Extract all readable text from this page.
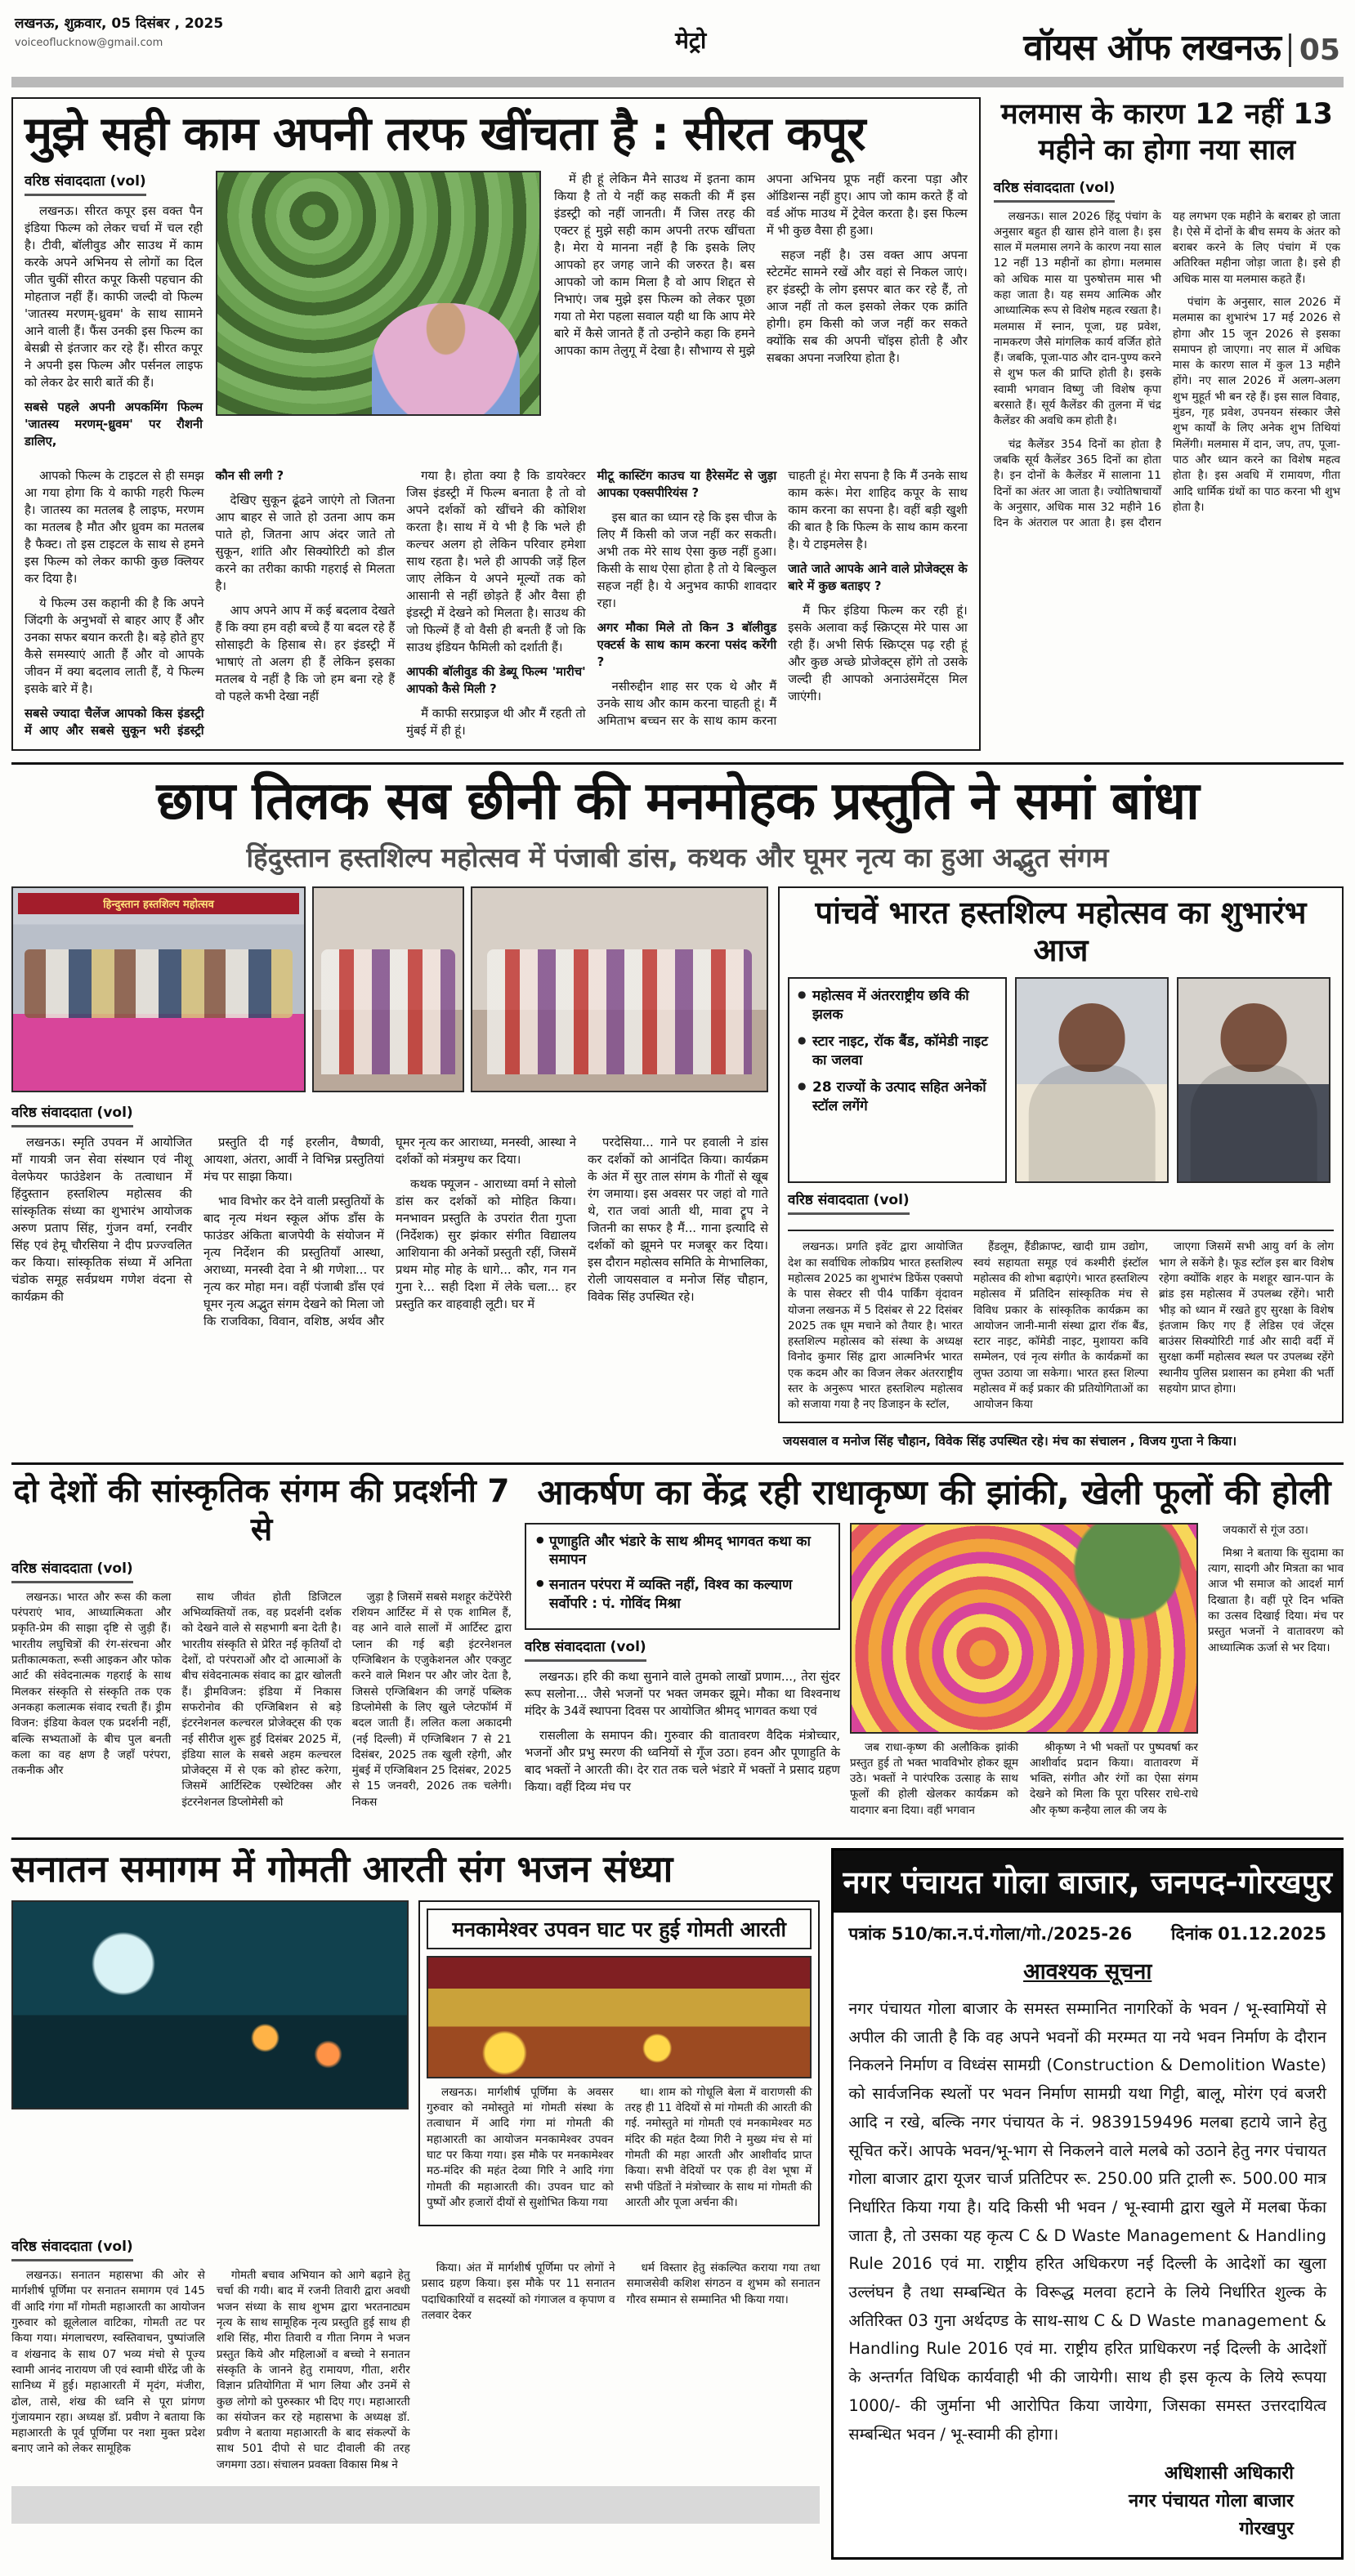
लखनऊ, शुक्रवार, 05 दिसंबर , 2025
voiceoflucknow@gmail.com	मेट्रो	वॉयस ऑफ लखनऊ 05
मुझे सही काम अपनी तरफ खींचता है : सीरत कपूर
वरिष्ठ संवाददाता (vol)

लखनऊ। सीरत कपूर इस वक्त पैन इंडिया फिल्म को लेकर चर्चा में चल रही है। टीवी, बॉलीवुड और साउथ में काम करके अपने अभिनय से लोगों का दिल जीत चुकीं सीरत कपूर किसी पहचान की मोहताज नहीं हैं। काफी जल्दी वो फिल्म 'जातस्य मरणम्-ध्रुवम' के साथ साामने आने वाली हैं। फैंस उनकी इस फिल्म का बेसब्री से इंतजार कर रहे हैं। सीरत कपूर ने अपनी इस फिल्म और पर्सनल लाइफ को लेकर ढेर सारी बातें की हैं।

सबसे पहले अपनी अपकमिंग फिल्म 'जातस्य मरणम्-ध्रुवम' पर रौशनी डालिए,

में ही हूं लेकिन मैने साउथ में इतना काम किया है तो ये नहीं कह सकती की मैं इस इंडस्ट्री को नहीं जानती। मैं जिस तरह की एक्टर हूं मुझे सही काम अपनी तरफ खींचता है। मेरा ये मानना नहीं है कि इसके लिए आपको हर जगह जाने की जरुरत है। बस आपको जो काम मिला है वो आप शिद्दत से निभाएं। जब मुझे इस फिल्म को लेकर पूछा गया तो मेरा पहला सवाल यही था कि आप मेरे बारे में कैसे जानते हैं तो उन्होने कहा कि हमने आपका काम तेलुगू में देखा है। सौभाग्य से मुझे अपना अभिनय प्रूफ नहीं करना पड़ा और ऑडिशन्स नहीं हुए। आप जो काम करते हैं वो वर्ड ऑफ माउथ में ट्रेवेल करता है। इस फिल्म में भी कुछ वैसा ही हुआ।

सहज नहीं है। उस वक्त आप अपना स्टेटमेंट सामने रखें और वहां से निकल जाएं। हर इंडस्ट्री के लोग इसपर बात कर रहे हैं, तो आज नहीं तो कल इसको लेकर एक क्रांति होगी। हम किसी को जज नहीं कर सकते क्योंकि सब की अपनी चॉइस होती है और सबका अपना नजरिया होता है।

आपको फिल्म के टाइटल से ही समझ आ गया होगा कि ये काफी गहरी फिल्म है। जातस्य का मतलब है लाइफ, मरणम का मतलब है मौत और ध्रुवम का मतलब है फैक्ट। तो इस टाइटल के साथ से हमने इस फिल्म को लेकर काफी कुछ क्लियर कर दिया है।

ये फिल्म उस कहानी की है कि अपने जिंदगी के अनुभवों से बाहर आए हैं और उनका सफर बयान करती है। बड़े होते हुए कैसे समस्याएं आती हैं और वो आपके जीवन में क्या बदलाव लाती हैं, ये फिल्म इसके बारे में है।

सबसे ज्यादा चैलेंज आपको किस इंडस्ट्री में आए और सबसे सुकून भरी इंडस्ट्री कौन सी लगी ?

देखिए सुकून ढूंढने जाएंगे तो जितना आप बाहर से जाते हो उतना आप कम पाते हो, जितना आप अंदर जाते तो सुकून, शांति और सिक्योरिटी को डील करने का तरीका काफी गहराई से मिलता है।

आप अपने आप में कई बदलाव देखते हैं कि क्या हम वही बच्चे हैं या बदल रहे हैं सोसाइटी के हिसाब से। हर इंडस्ट्री में भाषाएं तो अलग ही हैं लेकिन इसका मतलब ये नहीं है कि जो हम बना रहे हैं वो पहले कभी देखा नहीं

गया है। होता क्या है कि डायरेक्टर जिस इंडस्ट्री में फिल्म बनाता है तो वो अपने दर्शकों को खींचने की कोशिश करता है। साथ में ये भी है कि भले ही कल्चर अलग हो लेकिन परिवार हमेशा साथ रहता है। भले ही आपकी जड़ें हिल जाए लेकिन ये अपने मूल्यों तक को आसानी से नहीं छोड़ते हैं और वैसा ही इंडस्ट्री में देखने को मिलता है। साउथ की जो फिल्में हैं वो वैसी ही बनती हैं जो कि साउथ इंडियन फैमिली को दर्शाती हैं।

आपकी बॉलीवुड की डेब्यू फिल्म 'मारीच' आपको कैसे मिली ?

मैं काफी सरप्राइज थी और मैं रहती तो मुंबई में ही हूं।

मीटू कास्टिंग काउच या हैरेसमेंट से जुड़ा आपका एक्सपीरियंस ?

इस बात का ध्यान रहे कि इस चीज के लिए मैं किसी को जज नहीं कर सकती। अभी तक मेरे साथ ऐसा कुछ नहीं हुआ। किसी के साथ ऐसा होता है तो ये बिल्कुल सहज नहीं है। ये अनुभव काफी शावदार रहा।

अगर मौका मिले तो किन 3 बॉलीवुड एक्टर्स के साथ काम करना पसंद करेंगी ?

नसीरुद्दीन शाह सर एक थे और मैं उनके साथ और काम करना चाहती हूं। मैं अमिताभ बच्चन सर के साथ काम करना चाहती हूं। मेरा सपना है कि मैं उनके साथ काम करूं। मेरा शाहिद कपूर के साथ काम करना का सपना है। वहीं बड़ी खुशी की बात है कि फिल्म के साथ काम करना है। ये टाइमलेस है।

जाते जाते आपके आने वाले प्रोजेक्ट्स के बारे में कुछ बताइए ?

मैं फिर इंडिया फिल्म कर रही हूं। इसके अलावा कई स्क्रिप्ट्स मेरे पास आ रही हैं। अभी सिर्फ स्क्रिप्ट्स पढ़ रही हूं और कुछ अच्छे प्रोजेक्ट्स होंगे तो उसके जल्दी ही आपको अनाउंसमेंट्स मिल जाएंगी।

मलमास के कारण 12 नहीं 13 महीने का होगा नया साल
वरिष्ठ संवाददाता (vol)

लखनऊ। साल 2026 हिंदू पंचांग के अनुसार बहुत ही खास होने वाला है। इस साल में मलमास लगने के कारण नया साल 12 नहीं 13 महीनों का होगा। मलमास को अधिक मास या पुरुषोत्तम मास भी कहा जाता है। यह समय आत्मिक और आध्यात्मिक रूप से विशेष महत्व रखता है। मलमास में स्नान, पूजा, ग्रह प्रवेश, नामकरण जैसे मांगलिक कार्य वर्जित होते हैं। जबकि, पूजा-पाठ और दान-पुण्य करने से शुभ फल की प्राप्ति होती है। इसके स्वामी भगवान विष्णु जी विशेष कृपा बरसाते हैं। सूर्य कैलेंडर की तुलना में चंद्र कैलेंडर की अवधि कम होती है।

चंद्र कैलेंडर 354 दिनों का होता है जबकि सूर्य कैलेंडर 365 दिनों का होता है। इन दोनों के कैलेंडर में सालाना 11 दिनों का अंतर आ जाता है। ज्योतिषाचार्यों के अनुसार, अधिक मास 32 महीने 16 दिन के अंतराल पर आता है। इस दौरान यह लगभग एक महीने के बराबर हो जाता है। ऐसे में दोनों के बीच समय के अंतर को बराबर करने के लिए पंचांग में एक अतिरिक्त महीना जोड़ा जाता है। इसे ही अधिक मास या मलमास कहते हैं।

पंचांग के अनुसार, साल 2026 में मलमास का शुभारंभ 17 मई 2026 से होगा और 15 जून 2026 से इसका समापन हो जाएगा। नए साल में अधिक मास के कारण साल में कुल 13 महीने होंगे। नए साल 2026 में अलग-अलग शुभ मुहूर्त भी बन रहे हैं। इस साल विवाह, मुंडन, गृह प्रवेश, उपनयन संस्कार जैसे शुभ कार्यों के लिए अनेक शुभ तिथियां मिलेंगी। मलमास में दान, जप, तप, पूजा-पाठ और ध्यान करने का विशेष महत्व होता है। इस अवधि में रामायण, गीता आदि धार्मिक ग्रंथों का पाठ करना भी शुभ होता है।

छाप तिलक सब छीनी की मनमोहक प्रस्तुति ने समां बांधा
हिंदुस्तान हस्तशिल्प महोत्सव में पंजाबी डांस, कथक और घूमर नृत्य का हुआ अद्भुत संगम
हिन्दुस्तान हस्तशिल्प महोत्सव
वरिष्ठ संवाददाता (vol)

लखनऊ। स्मृति उपवन में आयोजित माँ गायत्री जन सेवा संस्थान एवं नीशू वेलफेयर फाउंडेशन के तत्वाधान में हिंदुस्तान हस्तशिल्प महोत्सव की सांस्कृतिक संध्या का शुभारंभ आयोजक अरुण प्रताप सिंह, गुंजन वर्मा, रनवीर सिंह एवं हेमू चौरसिया ने दीप प्रज्ज्वलित कर किया। सांस्कृतिक संध्या में अनिता चंडोक समूह सर्वप्रथम गणेश वंदना से कार्यक्रम की

प्रस्तुति दी गई हरलीन, वैष्णवी, आयशा, अंतरा, आर्वी ने विभिन्न प्रस्तुतियां मंच पर साझा किया।

भाव विभोर कर देने वाली प्रस्तुतियों के बाद नृत्य मंथन स्कूल ऑफ डाँस के फाउंडर अंकिता बाजपेयी के संयोजन में नृत्य निर्देशन की प्रस्तुतियाँ आस्था, अराध्या, मनस्वी देवा ने श्री गणेशा... पर नृत्य कर मोहा मन। वहीं पंजाबी डाँस एवं घूमर नृत्य अद्भुत संगम देखने को मिला जो कि राजविका, विवान, वशिष्ठ, अर्थव और घूमर नृत्य कर आराध्या, मनस्वी, आस्था ने दर्शकों को मंत्रमुग्ध कर दिया।

कथक फ्यूजन - आराध्या वर्मा ने सोलो डांस कर दर्शकों को मोहित किया। मनभावन प्रस्तुति के उपरांत रीता गुप्ता (निर्देशक) सुर झंकार संगीत विद्यालय आशियाना की अनेकों प्रस्तुती रहीं, जिसमें प्रथम मोह मोह के धागे... कौर, गन गन गुना रे... सही दिशा में लेके चला... हर प्रस्तुति कर वाहवाही लूटी। घर में

परदेसिया... गाने पर हवाली ने डांस कर दर्शकों को आनंदित किया। कार्यक्रम के अंत में सुर ताल संगम के गीतों से खूब रंग जमाया। इस अवसर पर जहां वो गाते थे, रात जवां आती थी, मावा ट्रूप ने जितनी का सफर है मैं... गाना इत्यादि से दर्शकों को झूमने पर मजबूर कर दिया। इस दौरान महोत्सव समिति के मेाभालिका, रोली जायसवाल व मनोज सिंह चौहान, विवेक सिंह उपस्थित रहे।

पांचवें भारत हस्तशिल्प महोत्सव का शुभारंभ आज
● महोत्सव में अंतरराष्ट्रीय छवि की झलक
● स्टार नाइट, रॉक बैंड, कॉमेडी नाइट का जलवा
● 28 राज्यों के उत्पाद सहित अनेकों स्टॉल लगेंगे
वरिष्ठ संवाददाता (vol)

लखनऊ। प्रगति इवेंट द्वारा आयोजित देश का सर्वाधिक लोकप्रिय भारत हस्तशिल्प महोत्सव 2025 का शुभारंभ डिफेंस एक्सपो के पास सेक्टर सी पी4 पार्किंग वृंदावन योजना लखनऊ में 5 दिसंबर से 22 दिसंबर 2025 तक धूम मचाने को तैयार है। भारत हस्तशिल्प महोत्सव को संस्था के अध्यक्ष विनोद कुमार सिंह द्वारा आत्मनिर्भर भारत एक कदम और का विजन लेकर अंतरराष्ट्रीय स्तर के अनुरूप भारत हस्तशिल्प महोत्सव को सजाया गया है नए डिजाइन के स्टॉल,

हैंडलूम, हैंडीक्राफ्ट, खादी ग्राम उद्योग, स्वयं सहायता समूह एवं कश्मीरी इंस्टॉल महोत्सव की शोभा बढ़ाएंगे। भारत हस्तशिल्प महोत्सव में प्रतिदिन सांस्कृतिक मंच से विविध प्रकार के सांस्कृतिक कार्यक्रम का आयोजन जानी-मानी संस्था द्वारा रॉक बैंड, स्टार नाइट, कॉमेडी नाइट, मुशायरा कवि सम्मेलन, एवं नृत्य संगीत के कार्यक्रमों का लुफ्त उठाया जा सकेगा। भारत हस्त शिल्पा महोत्सव में कई प्रकार की प्रतियोगिताओं का आयोजन किया

जाएगा जिसमें सभी आयु वर्ग के लोग भाग ले सकेंगे है। फूड स्टॉल इस बार विशेष रहेगा क्योंकि शहर के मशहूर खान-पान के ब्रांड इस महोत्सव में उपलब्ध रहेंगे। भारी भीड़ को ध्यान में रखते हुए सुरक्षा के विशेष इंतजाम किए गए हैं लेडिस एवं जेंट्स बाउंसर सिक्योरिटी गार्ड और सादी वर्दी में सुरक्षा कर्मी महोत्सव स्थल पर उपलब्ध रहेंगे स्थानीय पुलिस प्रशासन का हमेशा की भर्ती सहयोग प्राप्त होगा।

जयसवाल व मनोज सिंह चौहान, विवेक सिंह उपस्थित रहे। मंच का संचालन , विजय गुप्ता ने किया।

दो देशों की सांस्कृतिक संगम की प्रदर्शनी 7 से
वरिष्ठ संवाददाता (vol)

लखनऊ। भारत और रूस की कला परंपराएं भाव, आध्यात्मिकता और प्रकृति-प्रेम की साझा दृष्टि से जुड़ी हैं। भारतीय लघुचित्रों की रंग-संरचना और प्रतीकात्मकता, रूसी आइकन और फोक आर्ट की संवेदनात्मक गहराई के साथ मिलकर संस्कृति से संस्कृति तक एक अनकहा कलात्मक संवाद रचती हैं। ड्रीम विजन: इंडिया केवल एक प्रदर्शनी नहीं, बल्कि सभ्यताओं के बीच पुल बनती कला का वह क्षण है जहाँ परंपरा, तकनीक और

साथ जीवंत होती डिजिटल अभिव्यक्तियों तक, वह प्रदर्शनी दर्शक को देखने वाले से सहभागी बना देती है। भारतीय संस्कृति से प्रेरित नई कृतियाँ दो देशों, दो परंपराओं और दो आत्माओं के बीच संवेदनात्मक संवाद का द्वार खोलती हैं। ड्रीमविजन: इंडिया में निकास सफरोनोव की एग्जिबिशन से बड़े इंटरनेशनल कल्चरल प्रोजेक्ट्स की एक नई सीरीज शुरू हुई दिसंबर 2025 में, इंडिया साल के सबसे अहम कल्चरल प्रोजेक्ट्स में से एक को होस्ट करेगा, जिसमें आर्टिस्टिक एस्थेटिक्स और इंटरनेशनल डिप्लोमेसी को

जुड़ा है जिसमें सबसे मशहूर कंटेंपेरेरी रशियन आर्टिस्ट में से एक शामिल हैं, वह आने वाले सालों में आर्टिस्ट द्वारा प्लान की गई बड़ी इंटरनेशनल एग्जिबिशन के एजुकेशनल और एक्जुट करने वाले मिशन पर और जोर देता है, जिससे एग्जिबिशन की जगहें पब्लिक डिप्लोमेसी के लिए खुले प्लेटफॉर्म में बदल जाती हैं। ललित कला अकादमी (नई दिल्ली) में एग्जिबिशन 7 से 21 दिसंबर, 2025 तक खुली रहेगी, और मुंबई में एग्जिबिशन 25 दिसंबर, 2025 से 15 जनवरी, 2026 तक चलेगी। निकस

आकर्षण का केंद्र रही राधाकृष्ण की झांकी, खेली फूलों की होली
● पूणाहुति और भंडारे के साथ श्रीमद् भागवत कथा का समापन
● सनातन परंपरा में व्यक्ति नहीं, विश्व का कल्याण सर्वोपरि : पं. गोविंद मिश्रा
वरिष्ठ संवाददाता (vol)

लखनऊ। हरि की कथा सुनाने वाले तुमको लाखों प्रणाम..., तेरा सुंदर रूप सलोना... जैसे भजनों पर भक्त जमकर झूमे। मौका था विश्वनाथ मंदिर के 34वें स्थापना दिवस पर आयोजित श्रीमद् भागवत कथा एवं

रासलीला के समापन की। गुरुवार की वातावरण वैदिक मंत्रोच्चार, भजनों और प्रभु स्मरण की ध्वनियों से गूँज उठा। हवन और पूणाहुति के बाद भक्तों ने आरती की। देर रात तक चले भंडारे में भक्तों ने प्रसाद ग्रहण किया। वहीं दिव्य मंच पर

जब राधा-कृष्ण की अलौकिक झांकी प्रस्तुत हुई तो भक्त भावविभोर होकर झूम उठे। भक्तों ने पारंपरिक उत्साह के साथ फूलों की होली खेलकर कार्यक्रम को यादगार बना दिया। वहीं भगवान

श्रीकृष्ण ने भी भक्तों पर पुष्पवर्षा कर आशीर्वाद प्रदान किया। वातावरण में भक्ति, संगीत और रंगों का ऐसा संगम देखने को मिला कि पूरा परिसर राधे-राधे और कृष्ण कन्हैया लाल की जय के

जयकारों से गूंज उठा।

मिश्रा ने बताया कि सुदामा का त्याग, सादगी और मित्रता का भाव आज भी समाज को आदर्श मार्ग दिखाता है। वहीं पूरे दिन भक्ति का उत्सव दिखाई दिया। मंच पर प्रस्तुत भजनों ने वातावरण को आध्यात्मिक ऊर्जा से भर दिया।

सनातन समागम में गोमती आरती संग भजन संध्या
मनकामेश्वर उपवन घाट पर हुई गोमती आरती

लखनऊ। मार्गशीर्ष पूर्णिमा के अवसर गुरुवार को नमोस्तुते मां गोमती संस्था के तत्वाधान में आदि गंगा मां गोमती की महाआरती का आयोजन मनकामेश्वर उपवन घाट पर किया गया। इस मौके पर मनकामेश्वर मठ-मंदिर की महंत देव्या गिरि ने आदि गंगा गोमती की महाआरती की। उपवन घाट को पुष्पों और हजारों दीयों से सुशोभित किया गया

था। शाम को गोधूलि बेला में वाराणसी की तरह ही 11 वेदियों से मां गोमती की आरती की गई. नमोस्तुते मां गोमती एवं मनकामेश्वर मठ मंदिर की महंत दैव्या गिरी ने मुख्य मंच से मां गोमती की महा आरती और आशीर्वाद प्राप्त किया। सभी वेदियों पर एक ही वेश भूषा में सभी पंडितों ने मंत्रोच्चार के साथ मां गोमती की आरती और पूजा अर्चना की।

वरिष्ठ संवाददाता (vol)

लखनऊ। सनातन महासभा की ओर से मार्गशीर्ष पूर्णिमा पर सनातन समागम एवं 145 वीं आदि गंगा माँ गोमती महाआरती का आयोजन गुरुवार को झूलेलाल वाटिका, गोमती तट पर किया गया। मंगलाचरण, स्वस्तिवाचन, पुष्पांजलि व शंखनाद के साथ 07 भव्य मंचो से पूज्य स्वामी आनंद नारायण जी एवं स्वामी धीरेंद्र जी के सानिध्य में हुई। महाआरती में मृदंग, मंजीरा, ढोल, तासे, शंख की ध्वनि से पूरा प्रांगण गुंजायमान रहा। अध्यक्ष डॉ. प्रवीण ने बताया कि महाआरती के पूर्व पूर्णिमा पर नशा मुक्त प्रदेश बनाए जाने को लेकर सामूहिक

गोमती बचाव अभियान को आगे बढ़ाने हेतु चर्चा की गयी। बाद में रजनी तिवारी द्वारा अवधी भजन संध्या के साथ शुभम द्वारा भरतनाट्यम नृत्य के साथ सामूहिक नृत्य प्रस्तुति हुई साथ ही शशि सिंह, मीरा तिवारी व गीता निगम ने भजन प्रस्तुत किये और महिलाओं व बच्चो ने सनातन संस्कृति के जानने हेतु रामायण, गीता, शरीर विज्ञान प्रतियोगिता में भाग लिया और उनमें से कुछ लोगो को पुरुस्कार भी दिए गए। महाआरती का संयोजन कर रहे महासभा के अध्यक्ष डॉ. प्रवीण ने बताया महाआरती के बाद संकल्पों के साथ 501 दीपो से घाट दीवाली की तरह जगमगा उठा। संचालन प्रवक्ता विकास मिश्र ने

किया। अंत में मार्गशीर्ष पूर्णिमा पर लोगों ने प्रसाद ग्रहण किया। इस मौके पर 11 सनातन पदाधिकारियों व सदस्यों को गंगाजल व कृपाण व तलवार देकर

धर्म विस्तार हेतु संकल्पित कराया गया तथा समाजसेवी कशिश संगठन व शुभम को सनातन गौरव सम्मान से सम्मानित भी किया गया।

नगर पंचायत गोला बाजार, जनपद-गोरखपुर
पत्रांक 510/का.न.पं.गोला/गो./2025-26 दिनांक 01.12.2025
आवश्यक सूचना

नगर पंचायत गोला बाजार के समस्त सम्मानित नागरिकों के भवन / भू-स्वामियों से अपील की जाती है कि वह अपने भवनों की मरम्मत या नये भवन निर्माण के दौरान निकलने निर्माण व विध्वंस सामग्री (Construction & Demolition Waste) को सार्वजनिक स्थलों पर भवन निर्माण सामग्री यथा गिट्टी, बालू, मोरंग एवं बजरी आदि न रखे, बल्कि नगर पंचायत के नं. 9839159496 मलबा हटाये जाने हेतु सूचित करें। आपके भवन/भू-भाग से निकलने वाले मलबे को उठाने हेतु नगर पंचायत गोला बाजार द्वारा यूजर चार्ज प्रतिटिपर रू. 250.00 प्रति ट्राली रू. 500.00 मात्र निर्धारित किया गया है। यदि किसी भी भवन / भू-स्वामी द्वारा खुले में मलबा फेंका जाता है, तो उसका यह कृत्य C & D Waste Management & Handling Rule 2016 एवं मा. राष्ट्रीय हरित अधिकरण नई दिल्ली के आदेशों का खुला उल्लंघन है तथा सम्बन्धित के विरूद्ध मलवा हटाने के लिये निर्धारित शुल्क के अतिरिक्त 03 गुना अर्थदण्ड के साथ-साथ C & D Waste management & Handling Rule 2016 एवं मा. राष्ट्रीय हरित प्राधिकरण नई दिल्ली के आदेशों के अन्तर्गत विधिक कार्यवाही भी की जायेगी। साथ ही इस कृत्य के लिये रूपया 1000/- की जुर्माना भी आरोपित किया जायेगा, जिसका समस्त उत्तरदायित्व सम्बन्धित भवन / भू-स्वामी की होगा।

अधिशासी अधिकारी
नगर पंचायत गोला बाजार
गोरखपुर
